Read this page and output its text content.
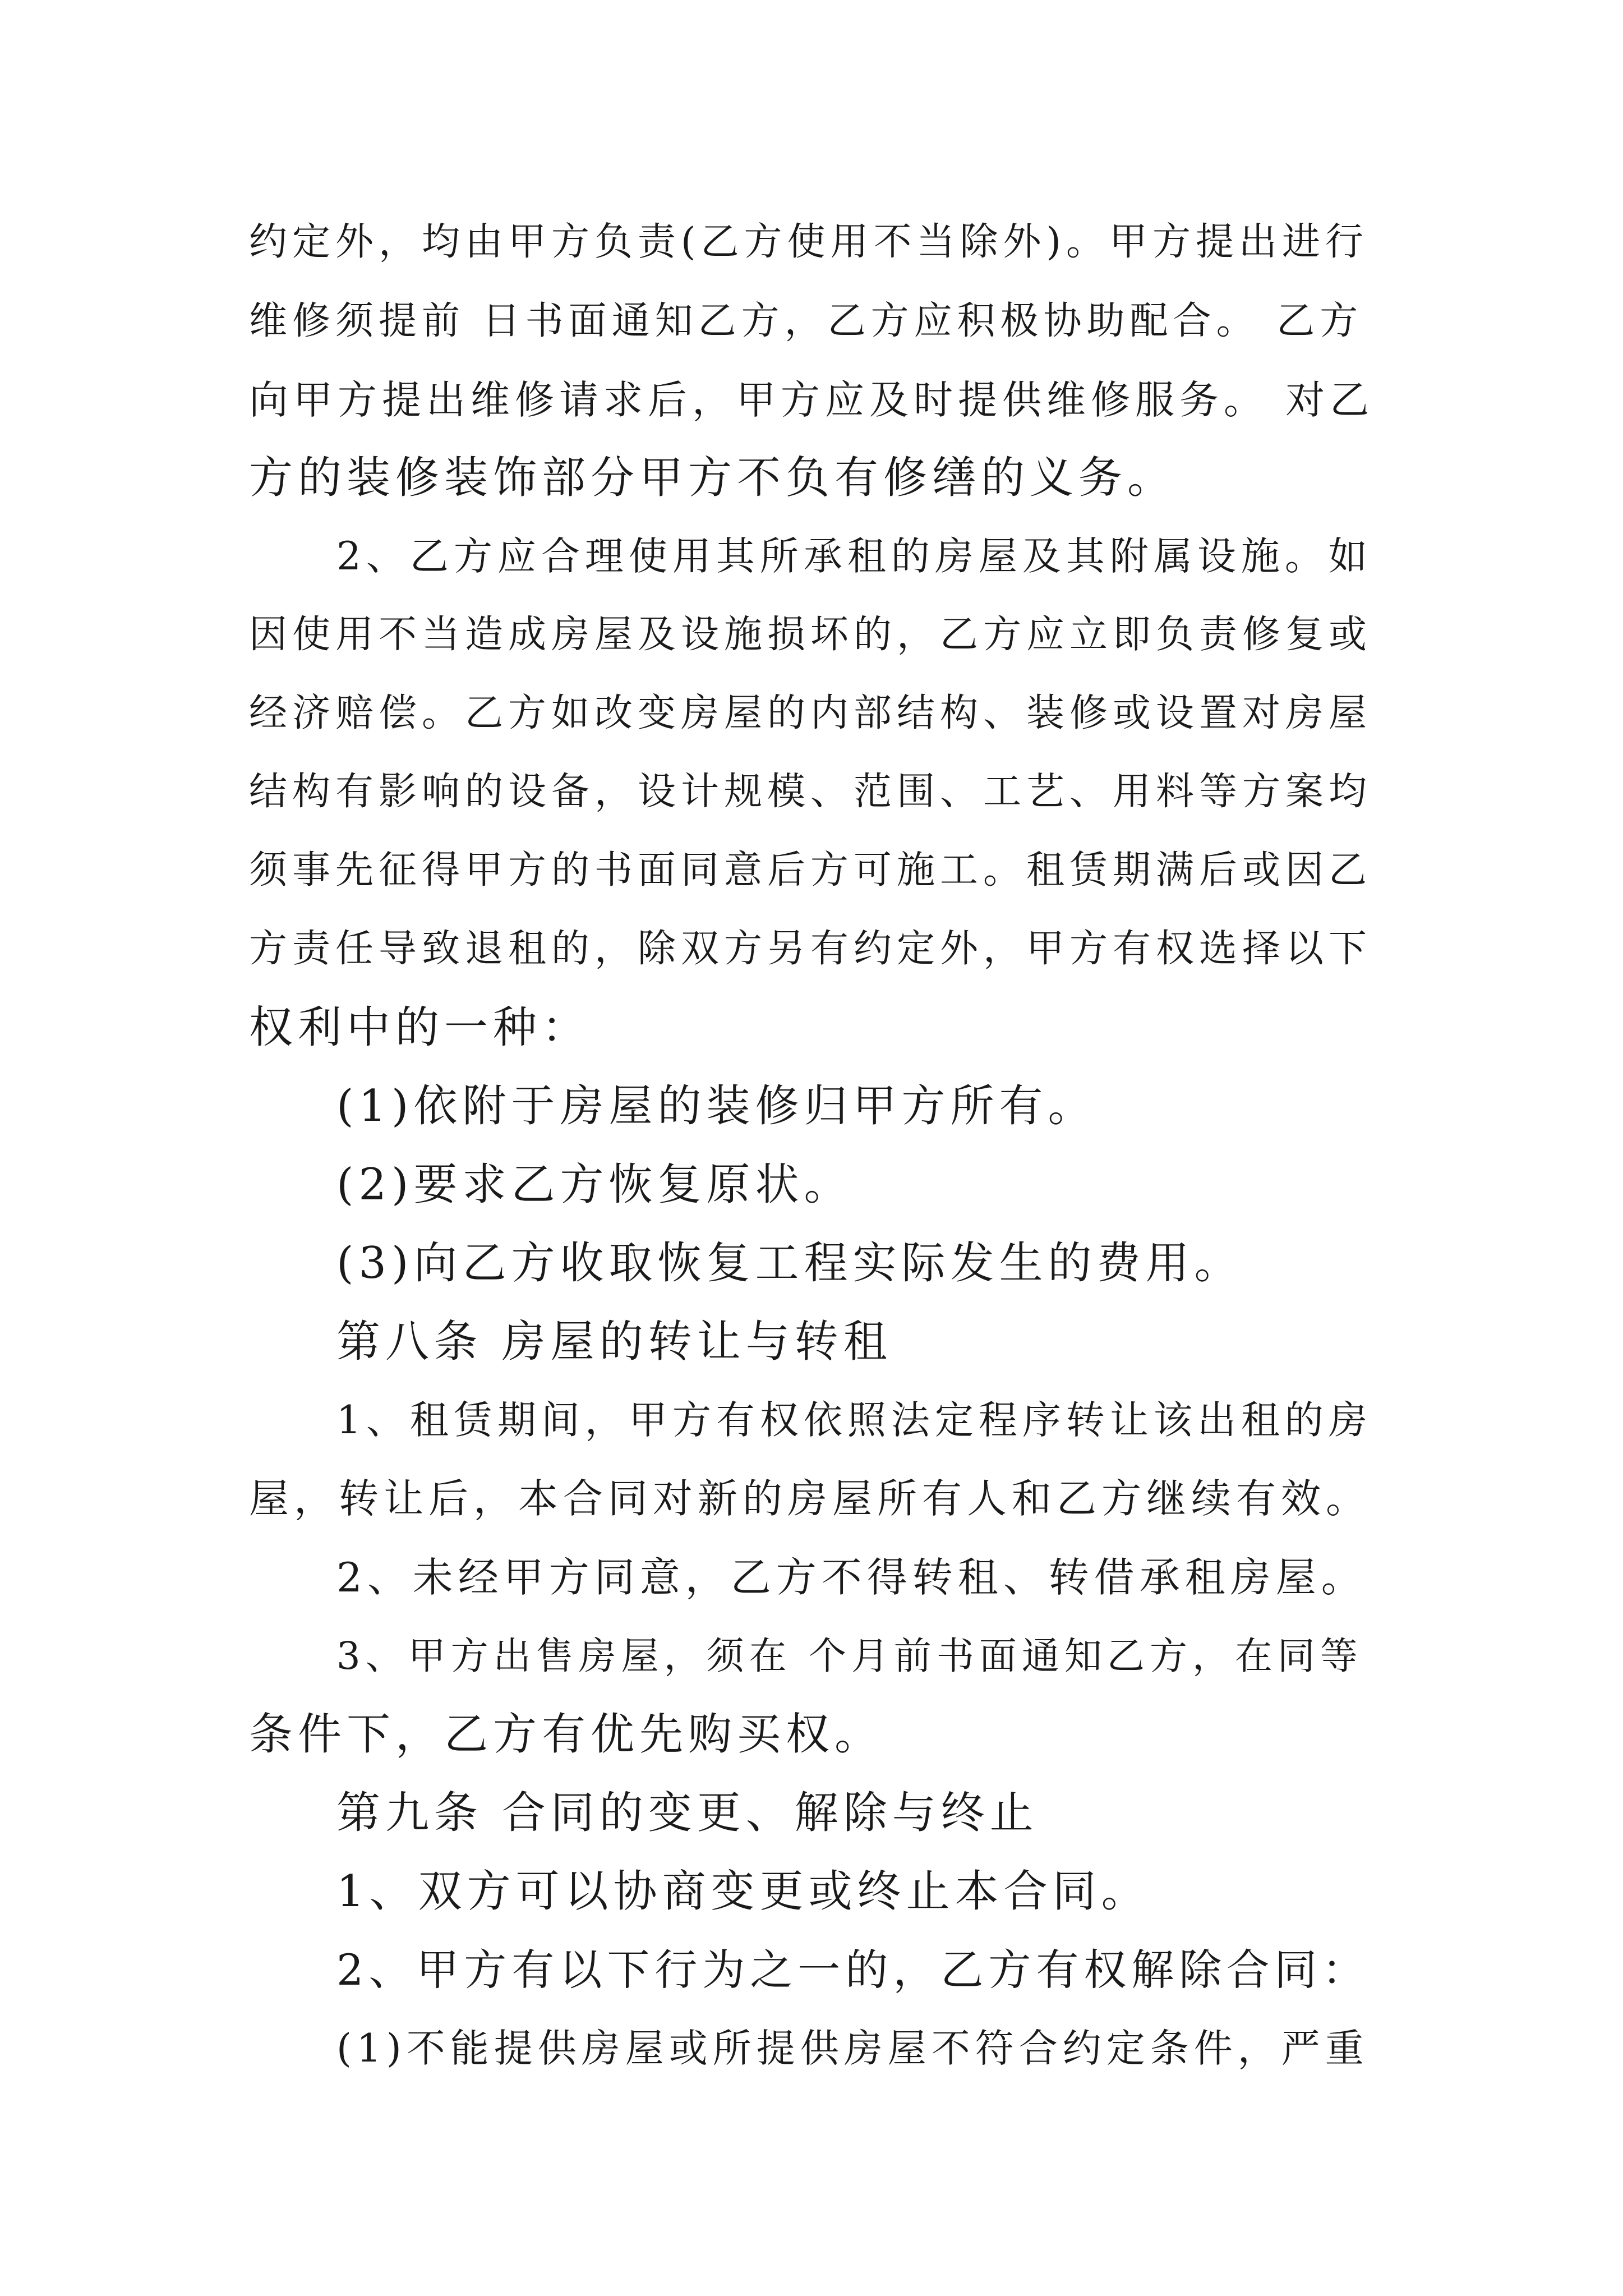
约定外，均由甲方负责(乙方使用不当除外)。甲方提出进行

维修须提前 日书面通知乙方，乙方应积极协助配合。 乙方

向甲方提出维修请求后，甲方应及时提供维修服务。 对乙

方的装修装饰部分甲方不负有修缮的义务。

2、乙方应合理使用其所承租的房屋及其附属设施。如

因使用不当造成房屋及设施损坏的，乙方应立即负责修复或

经济赔偿。乙方如改变房屋的内部结构、装修或设置对房屋

结构有影响的设备，设计规模、范围、工艺、用料等方案均

须事先征得甲方的书面同意后方可施工。租赁期满后或因乙

方责任导致退租的，除双方另有约定外，甲方有权选择以下

权利中的一种：

(1)依附于房屋的装修归甲方所有。

(2)要求乙方恢复原状。

(3)向乙方收取恢复工程实际发生的费用。

第八条 房屋的转让与转租

1、租赁期间，甲方有权依照法定程序转让该出租的房

屋，转让后，本合同对新的房屋所有人和乙方继续有效。

2、未经甲方同意，乙方不得转租、转借承租房屋。

3、甲方出售房屋，须在 个月前书面通知乙方，在同等

条件下，乙方有优先购买权。

第九条 合同的变更、解除与终止

1、双方可以协商变更或终止本合同。

2、甲方有以下行为之一的，乙方有权解除合同：

(1)不能提供房屋或所提供房屋不符合约定条件，严重
